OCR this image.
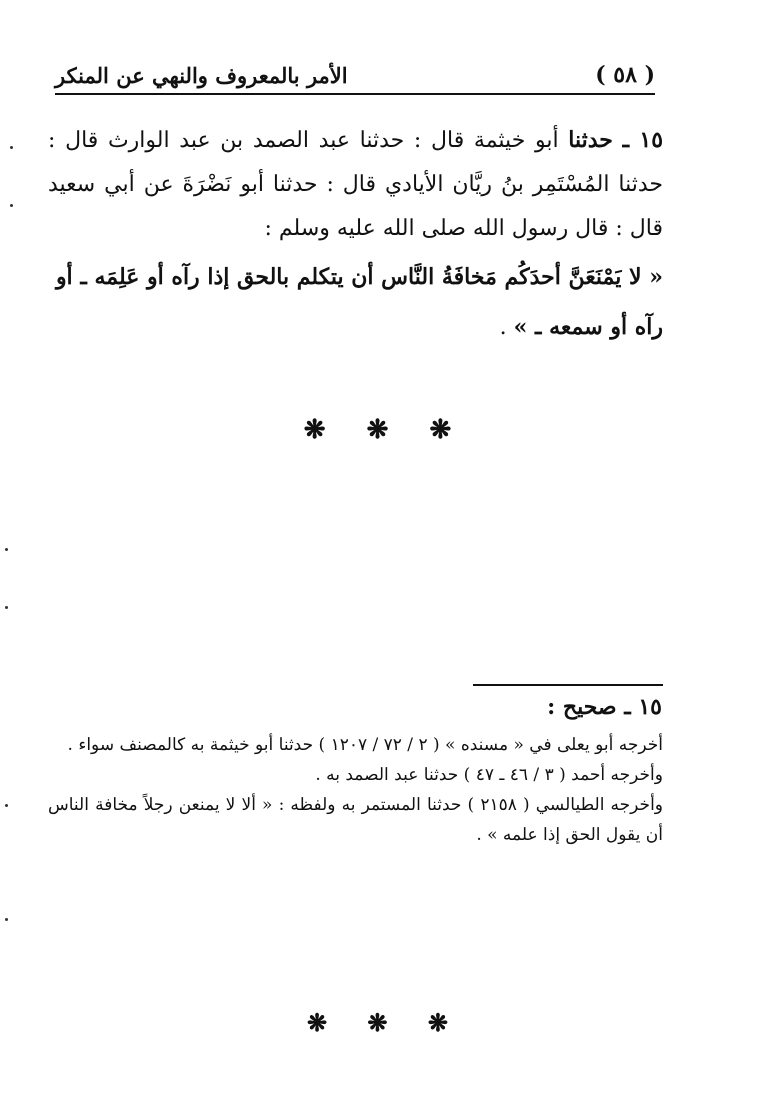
( ٥٨ )
الأمر بالمعروف والنهي عن المنكر
١٥ ـ حدثنا أبو خيثمة قال : حدثنا عبد الصمد بن عبد الوارث قال : حدثنا المُسْتَمِر بنُ ريَّان الأيادي قال : حدثنا أبو نَضْرَةَ عن أبي سعيد قال : قال رسول الله صلى الله عليه وسلم :
« لا يَمْنَعَنَّ أحدَكُم مَخافَةُ النَّاس أن يتكلم بالحق إذا رآه أو عَلِمَه ـ أو رآه أو سمعه ـ » .
❋ ❋ ❋
١٥ ـ صحيح :

أخرجه أبو يعلى في « مسنده » ( ٢ / ٧٢ / ١٢٠٧ ) حدثنا أبو خيثمة به كالمصنف سواء .

وأخرجه أحمد ( ٣ / ٤٦ ـ ٤٧ ) حدثنا عبد الصمد به .

وأخرجه الطيالسي ( ٢١٥٨ ) حدثنا المستمر به ولفظه : « ألا لا يمنعن رجلاً مخافة الناس أن يقول الحق إذا علمه » .

❋ ❋ ❋
